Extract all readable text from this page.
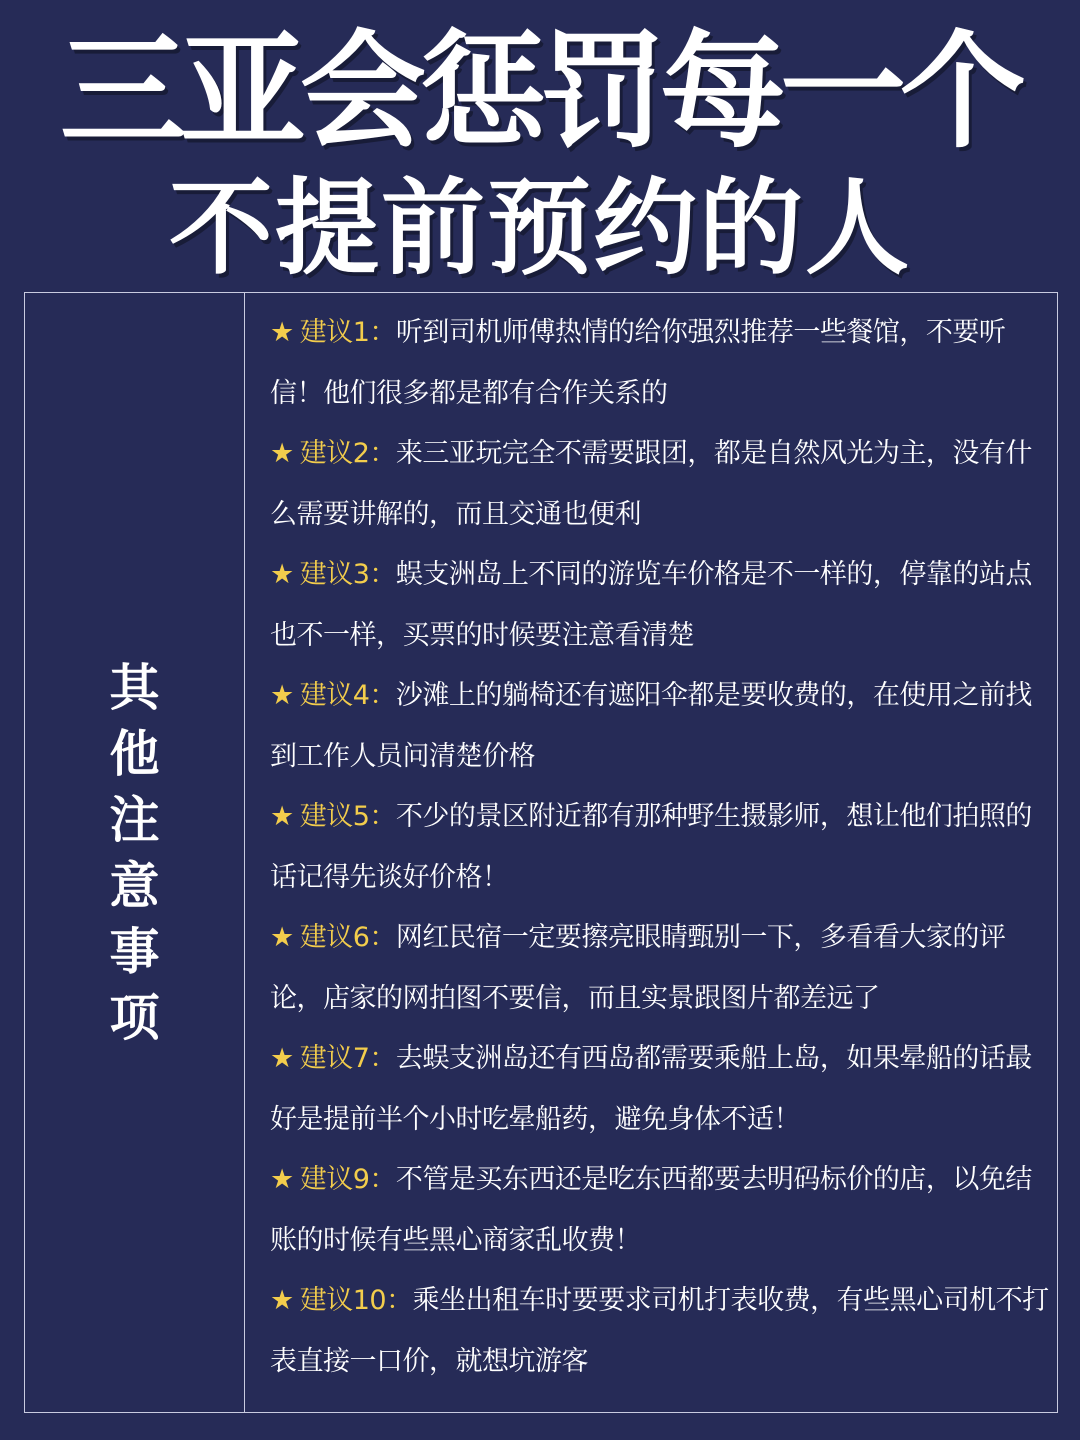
三亚会惩罚每一个
不提前预约的人
其他注意事项
★ 建议1：听到司机师傅热情的给你强烈推荐一些餐馆，不要听信！他们很多都是都有合作关系的
★ 建议2：来三亚玩完全不需要跟团，都是自然风光为主，没有什么需要讲解的，而且交通也便利
★ 建议3：蜈支洲岛上不同的游览车价格是不一样的，停靠的站点也不一样，买票的时候要注意看清楚
★ 建议4：沙滩上的躺椅还有遮阳伞都是要收费的，在使用之前找到工作人员问清楚价格
★ 建议5：不少的景区附近都有那种野生摄影师，想让他们拍照的话记得先谈好价格！
★ 建议6：网红民宿一定要擦亮眼睛甄别一下，多看看大家的评论，店家的网拍图不要信，而且实景跟图片都差远了
★ 建议7：去蜈支洲岛还有西岛都需要乘船上岛，如果晕船的话最好是提前半个小时吃晕船药，避免身体不适！
★ 建议9：不管是买东西还是吃东西都要去明码标价的店，以免结账的时候有些黑心商家乱收费！
★ 建议10：乘坐出租车时要要求司机打表收费，有些黑心司机不打表直接一口价，就想坑游客
